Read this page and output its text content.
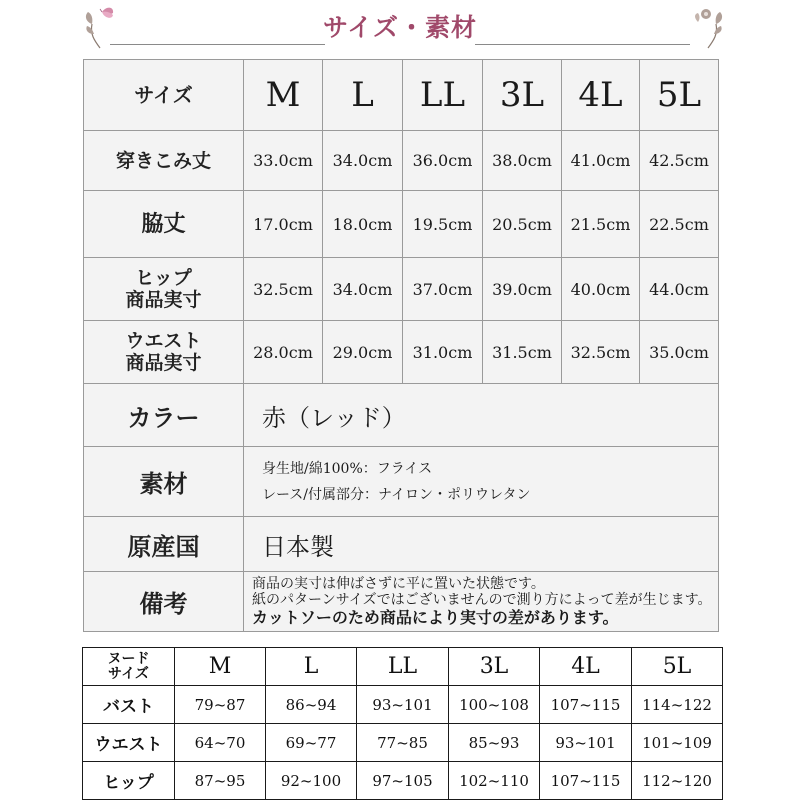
サイズ・素材
サイズ	M	L	LL	3L	4L	5L
穿きこみ丈	33.0cm	34.0cm	36.0cm	38.0cm	41.0cm	42.5cm
脇丈	17.0cm	18.0cm	19.5cm	20.5cm	21.5cm	22.5cm

ヒップ
商品実寸	32.5cm	34.0cm	37.0cm	39.0cm	40.0cm	44.0cm

ウエスト
商品実寸	28.0cm	29.0cm	31.0cm	31.5cm	32.5cm	35.0cm
カラー	赤（レッド）					
素材	身生地/綿100%：フライス
レース/付属部分：ナイロン・ポリウレタン					

原産国	日本製					
備考	商品の実寸は伸ばさずに平に置いた状態です。
紙のパターンサイズではございませんので測り方によって差が生じます。
カットソーのため商品により実寸の差があります。					
ヌード
サイズ	M	L	LL	3L	4L	5L
バスト	79~87	86~94	93~101	100~108	107~115	114~122
ウエスト	64~70	69~77	77~85	85~93	93~101	101~109
ヒップ	87~95	92~100	97~105	102~110	107~115	112~120
